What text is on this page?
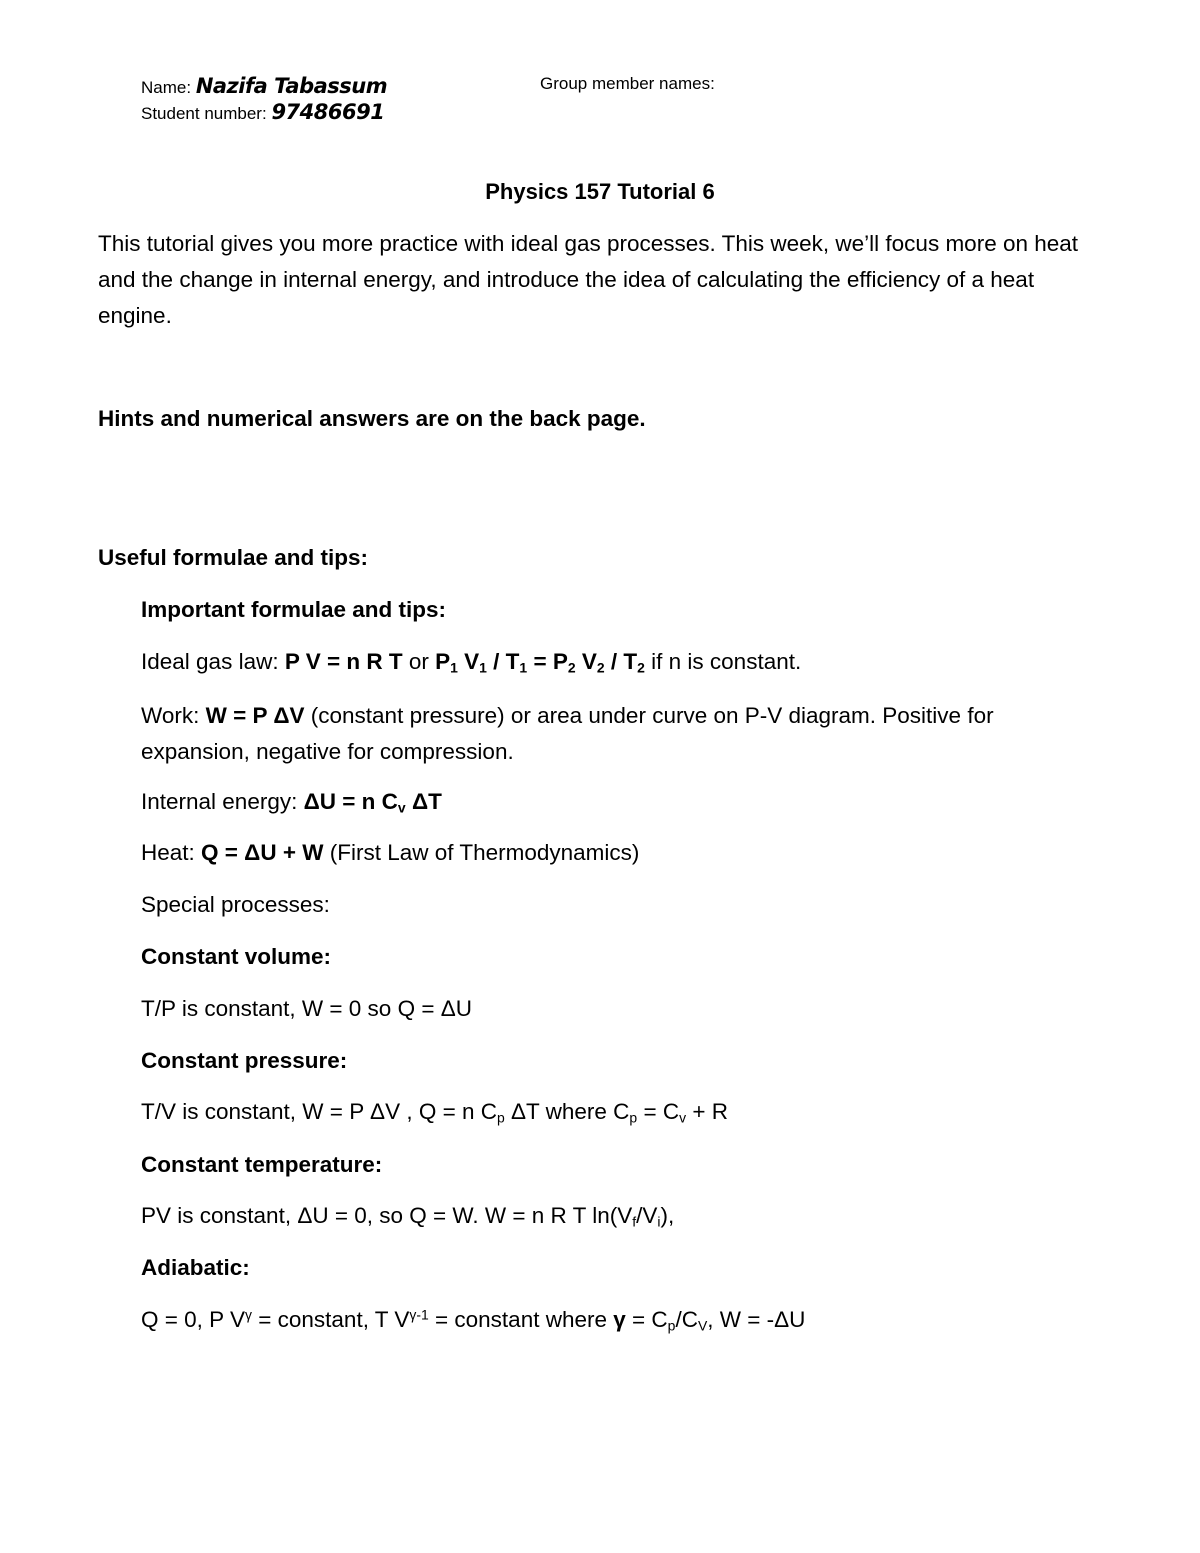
Name: Nazifa Tabassum
Student number: 97486691
Group member names:
Physics 157 Tutorial 6
This tutorial gives you more practice with ideal gas processes. This week, we’ll focus more on heat and the change in internal energy, and introduce the idea of calculating the efficiency of a heat engine.
Hints and numerical answers are on the back page.
Useful formulae and tips:
Important formulae and tips:
Ideal gas law: P V = n R T or $P_1$ $V_1 / T_1 = P_2$ $V_2 / T_2$ if n is constant.
Work: W = P ΔV (constant pressure) or area under curve on P-V diagram. Positive for expansion, negative for compression.
Internal energy: ΔU = n $C_v$ ΔT
Heat: Q = ΔU + W (First Law of Thermodynamics)
Special processes:
Constant volume:
T/P is constant, W = 0 so Q = ΔU
Constant pressure:
T/V is constant, W = P ΔV , Q = n $C_p$ ΔT where $C_p = C_v + R$
Constant temperature:
PV is constant, ΔU = 0, so Q = W. W = n R T $\ln(V_f/V_i)$,
Adiabatic:
Q = 0, P $V^\gamma$ = constant, T $V^{\gamma-1}$ = constant where $\gamma = C_p/C_V$, W = -ΔU
